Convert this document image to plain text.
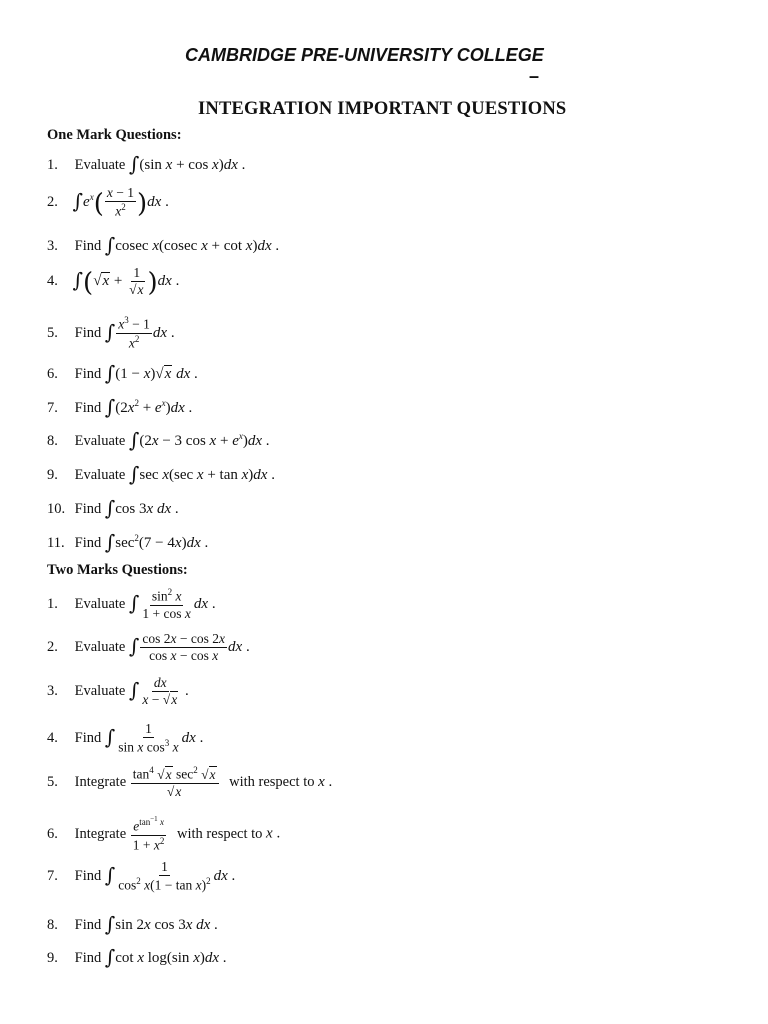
CAMBRIDGE PRE-UNIVERSITY COLLEGE
–
INTEGRATION IMPORTANT QUESTIONS
One Mark Questions:
1. Evaluate ∫(sin x + cos x)dx .
2. $\int e^x( \frac{x - 1}{x^2} )dx$ .
3. Find ∫cosec x(cosec x + cot x)dx .
4. $\int(√x + \frac{1}{√x} )dx$ .
5. Find ∫ $\frac{x^3 - 1}{x^2}$ dx .
6. Find ∫(1 − x)√x dx .
7. Find $\int(2x^2 + e^x)dx$ .
8. Evaluate ∫(2x − 3 $\cos x + e^x)dx$ .
9. Evaluate ∫sec x(sec x + tan x)dx .
10. Find ∫cos 3x dx .
11. Find $\int\sec^2(7 - 4x)dx$ .
Two Marks Questions:
1. Evaluate ∫ $\frac{\sin^2 x}{\text{1 + cos x}}$ dx .
2. Evaluate ∫ $\frac{\cos 2x - \cos 2x}{\text{cos x − cos x}}$ dx .
3. Evaluate ∫ $\frac{dx}{x - √x}$ .
4. Find ∫ $\frac{1}{\sin x \cos^3 x}$ dx .
5. Integrate $\frac{\tan^4 √x \sec^2 √x}{√x}$ with respect to x .
6. Integrate $\frac{e^{tan^{-1} x}}{1 + x^2}$ with respect to x .
7. Find ∫ $\frac{1}{\cos^2 x(1 - \tan x)^2}$ dx .
8. Find ∫sin 2x cos 3x dx .
9. Find ∫cot x log(sin x)dx .
